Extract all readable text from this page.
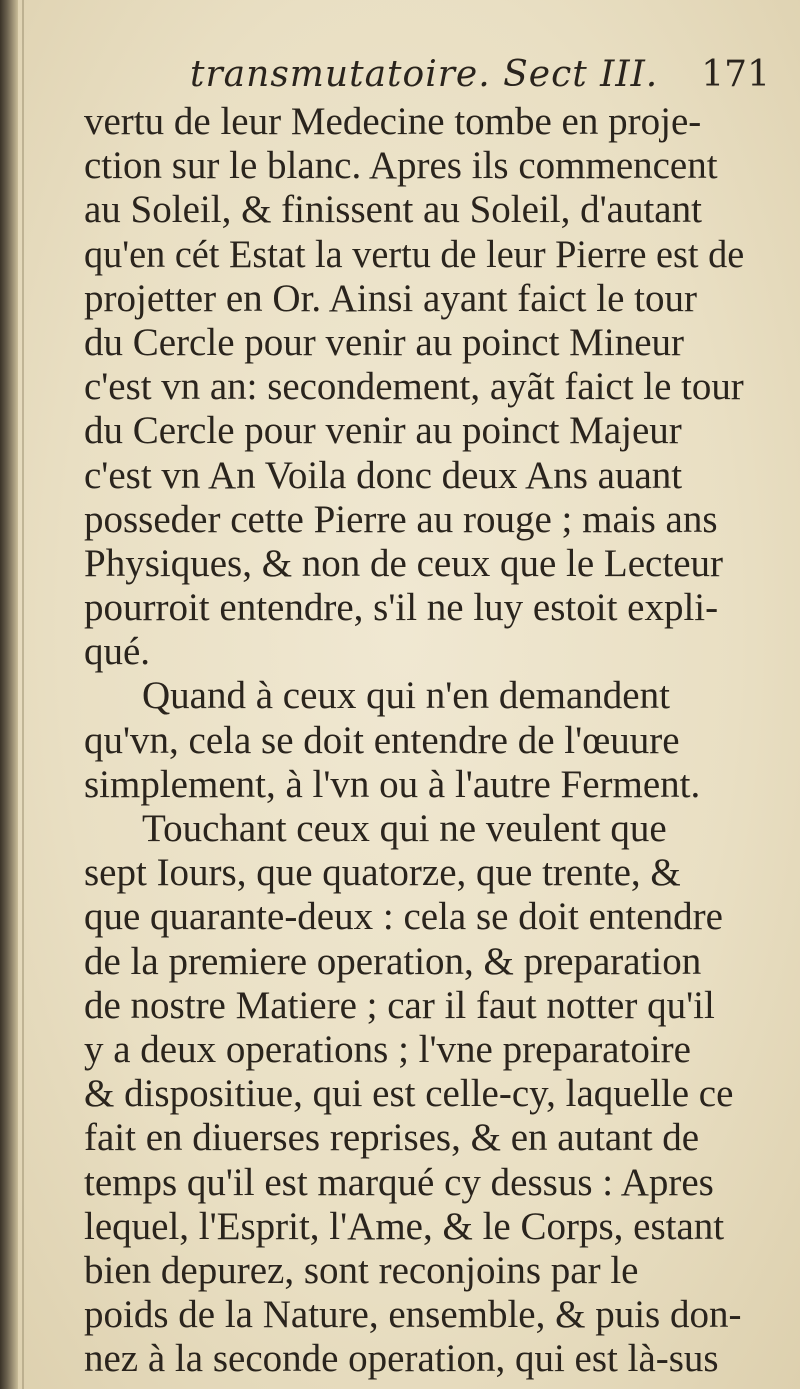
transmutatoire. Sect III. 171
vertu de leur Medecine tombe en proje-
ction sur le blanc. Apres ils commencent
au Soleil, & finissent au Soleil, d'autant
qu'en cét Estat la vertu de leur Pierre est de
projetter en Or. Ainsi ayant faict le tour
du Cercle pour venir au poinct Mineur
c'est vn an: secondement, ayãt faict le tour
du Cercle pour venir au poinct Majeur
c'est vn An Voila donc deux Ans auant
posseder cette Pierre au rouge ; mais ans
Physiques, & non de ceux que le Lecteur
pourroit entendre, s'il ne luy estoit expli-
qué.
Quand à ceux qui n'en demandent
qu'vn, cela se doit entendre de l'œuure
simplement, à l'vn ou à l'autre Ferment.
Touchant ceux qui ne veulent que
sept Iours, que quatorze, que trente, &
que quarante-deux : cela se doit entendre
de la premiere operation, & preparation
de nostre Matiere ; car il faut notter qu'il
y a deux operations ; l'vne preparatoire
& dispositiue, qui est celle-cy, laquelle ce
fait en diuerses reprises, & en autant de
temps qu'il est marqué cy dessus : Apres
lequel, l'Esprit, l'Ame, & le Corps, estant
bien depurez, sont reconjoins par le
poids de la Nature, ensemble, & puis don-
nez à la seconde operation, qui est là-sus
